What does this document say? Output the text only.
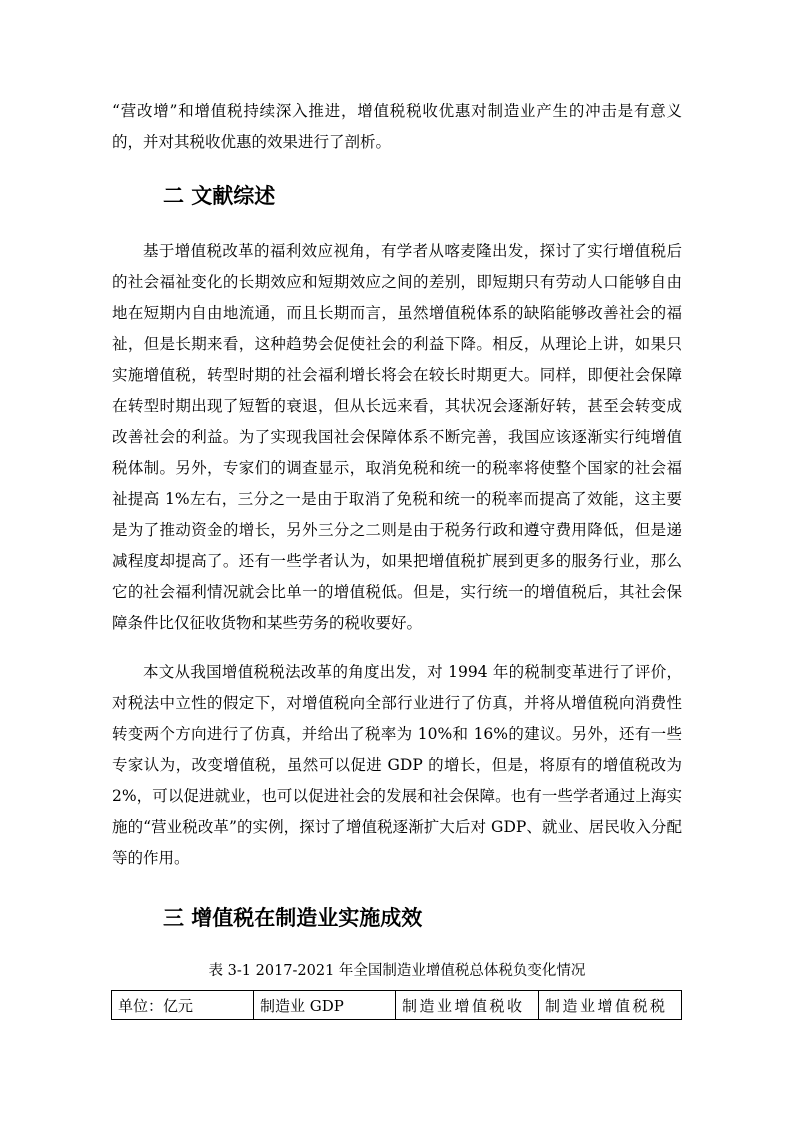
“营改增”和增值税持续深入推进，增值税税收优惠对制造业产生的冲击是有意义的，并对其税收优惠的效果进行了剖析。

二 文献综述

基于增值税改革的福利效应视角，有学者从喀麦隆出发，探讨了实行增值税后的社会福祉变化的长期效应和短期效应之间的差别，即短期只有劳动人口能够自由地在短期内自由地流通，而且长期而言，虽然增值税体系的缺陷能够改善社会的福祉，但是长期来看，这种趋势会促使社会的利益下降。相反，从理论上讲，如果只实施增值税，转型时期的社会福利增长将会在较长时期更大。同样，即便社会保障在转型时期出现了短暂的衰退，但从长远来看，其状况会逐渐好转，甚至会转变成改善社会的利益。为了实现我国社会保障体系不断完善，我国应该逐渐实行纯增值税体制。另外，专家们的调查显示，取消免税和统一的税率将使整个国家的社会福祉提高 1%左右，三分之一是由于取消了免税和统一的税率而提高了效能，这主要是为了推动资金的增长，另外三分之二则是由于税务行政和遵守费用降低，但是递减程度却提高了。还有一些学者认为，如果把增值税扩展到更多的服务行业，那么它的社会福利情况就会比单一的增值税低。但是，实行统一的增值税后，其社会保障条件比仅征收货物和某些劳务的税收要好。

本文从我国增值税税法改革的角度出发，对 1994 年的税制变革进行了评价，对税法中立性的假定下，对增值税向全部行业进行了仿真，并将从增值税向消费性转变两个方向进行了仿真，并给出了税率为 10%和 16%的建议。另外，还有一些专家认为，改变增值税，虽然可以促进 GDP 的增长，但是，将原有的增值税改为 2%，可以促进就业，也可以促进社会的发展和社会保障。也有一些学者通过上海实施的“营业税改革”的实例，探讨了增值税逐渐扩大后对 GDP、就业、居民收入分配等的作用。

三 增值税在制造业实施成效

表 3-1 2017-2021 年全国制造业增值税总体税负变化情况

单位：亿元	制造业 GDP	制造业增值税收	制造业增值税税
